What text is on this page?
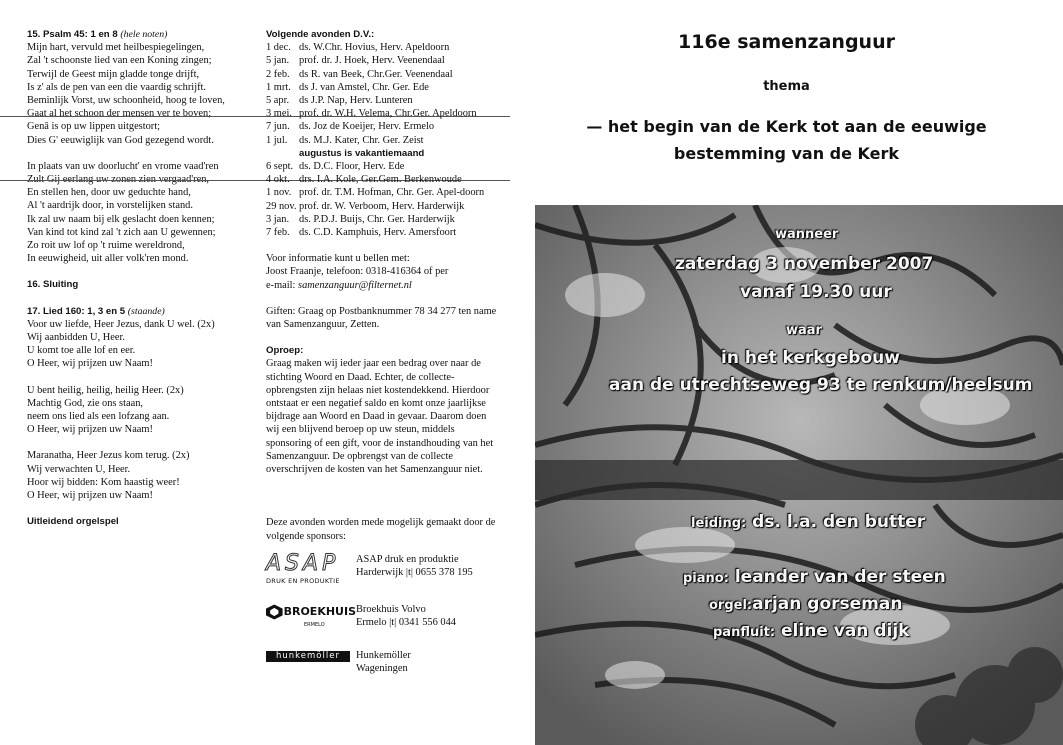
15. Psalm 45: 1 en 8 (hele noten)
Mijn hart, vervuld met heilbespiegelingen,
Zal 't schoonste lied van een Koning zingen;
Terwijl de Geest mijn gladde tonge drijft,
Is z' als de pen van een die vaardig schrijft.
Beminlijk Vorst, uw schoonheid, hoog te loven,
Gaat al het schoon der mensen ver te boven;
Genâ is op uw lippen uitgestort;
Dies G' eeuwiglijk van God gezegend wordt.
In plaats van uw doorlucht' en vrome vaad'ren
Zult Gij eerlang uw zonen zien vergaad'ren,
En stellen hen, door uw geduchte hand,
Al 't aardrijk door, in vorstelijken stand.
Ik zal uw naam bij elk geslacht doen kennen;
Van kind tot kind zal 't zich aan U gewennen;
Zo roit uw lof op 't ruime wereldrond,
In eeuwigheid, uit aller volk'ren mond.
16. Sluiting
17. Lied 160: 1, 3 en 5 (staande)
Voor uw liefde, Heer Jezus, dank U wel. (2x)
Wij aanbidden U, Heer.
U komt toe alle lof en eer.
O Heer, wij prijzen uw Naam!
U bent heilig, heilig, heilig Heer. (2x)
Machtig God, zie ons staan,
neem ons lied als een lofzang aan.
O Heer, wij prijzen uw Naam!
Maranatha, Heer Jezus kom terug. (2x)
Wij verwachten U, Heer.
Hoor wij bidden: Kom haastig weer!
O Heer, wij prijzen uw Naam!
Uitleidend orgelspel
Volgende avonden D.V.:
1 dec. ds. W.Chr. Hovius, Herv. Apeldoorn
5 jan. prof. dr. J. Hoek, Herv. Veenendaal
2 feb. ds R. van Beek, Chr.Ger. Veenendaal
1 mrt. ds J. van Amstel, Chr. Ger. Ede
5 apr. ds J.P. Nap, Herv. Lunteren
3 mei. prof. dr. W.H. Velema, Chr.Ger. Apeldoorn
7 jun. ds. Joz de Koeijer, Herv. Ermelo
1 jul.	ds. M.J. Kater, Chr. Ger. Zeist
augustus is vakantiemaand
6 sept. ds. D.C. Floor, Herv. Ede
4 okt. drs. I.A. Kole, Ger.Gem. Berkenwoude
1 nov. prof. dr. T.M. Hofman, Chr. Ger. Apel-doorn
29 nov. prof. dr. W. Verboom, Herv. Harderwijk
3 jan. ds. P.D.J. Buijs, Chr. Ger. Harderwijk
7 feb. ds. C.D. Kamphuis, Herv. Amersfoort
Voor informatie kunt u bellen met:
Joost Fraanje, telefoon: 0318-416364 of per
e-mail: samenzanguur@filternet.nl
Giften: Graag op Postbanknummer 78 34 277 ten name van Samenzanguur, Zetten.
Oproep:
Graag maken wij ieder jaar een bedrag over naar de stichting Woord en Daad. Echter, de collecte-opbrengsten zijn helaas niet kostendekkend. Hierdoor ontstaat er een negatief saldo en komt onze jaarlijkse bijdrage aan Woord en Daad in gevaar. Daarom doen wij een blijvend beroep op uw steun, middels sponsoring of een gift, voor de instandhouding van het Samenzanguur. De opbrengst van de collecte overschrijven de kosten van het Samenzanguur niet.
Deze avonden worden mede mogelijk gemaakt door de volgende sponsors:
ASAP
DRUK EN PRODUKTIE
ASAP druk en produktie
Harderwijk |t| 0655 378 195
BROEKHUIS
ERMELO
Broekhuis Volvo
Ermelo |t| 0341 556 044
hunkemöller	Hunkemöller
Wageningen
116e samenzanguur
thema
— het begin van de Kerk tot aan de eeuwige
bestemming van de Kerk
wanneer
zaterdag 3 november 2007
vanaf 19.30 uur
waar
in het kerkgebouw
aan de utrechtseweg 93 te renkum/heelsum
leiding: ds. l.a. den butter
piano: leander van der steen
orgel:arjan gorseman
panfluit: eline van dijk
